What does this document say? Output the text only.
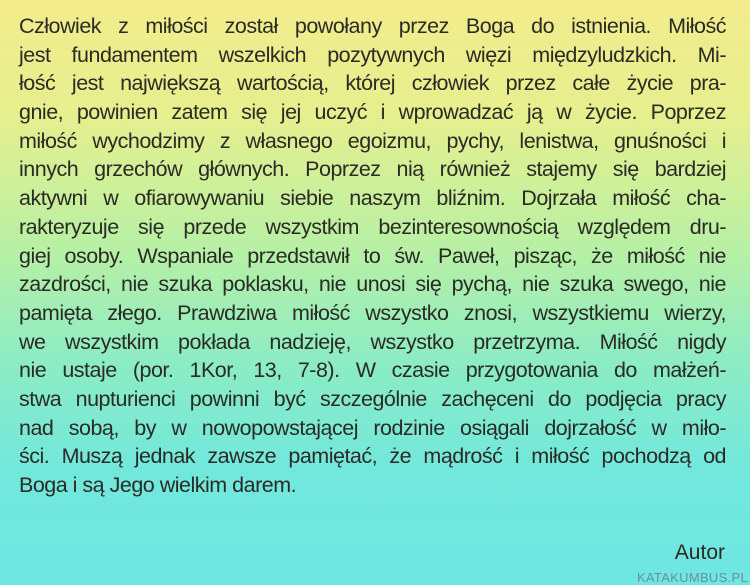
Człowiek z miłości został powołany przez Boga do istnienia. Miłość
jest fundamentem wszelkich pozytywnych więzi międzyludzkich. Mi-
łość jest największą wartością, której człowiek przez całe życie pra-
gnie, powinien zatem się jej uczyć i wprowadzać ją w życie. Poprzez
miłość wychodzimy z własnego egoizmu, pychy, lenistwa, gnuśności i
innych grzechów głównych. Poprzez nią również stajemy się bardziej
aktywni w ofiarowywaniu siebie naszym bliźnim. Dojrzała miłość cha-
rakteryzuje się przede wszystkim bezinteresownością względem dru-
giej osoby. Wspaniale przedstawił to św. Paweł, pisząc, że miłość nie
zazdrości, nie szuka poklasku, nie unosi się pychą, nie szuka swego, nie
pamięta złego. Prawdziwa miłość wszystko znosi, wszystkiemu wierzy,
we wszystkim pokłada nadzieję, wszystko przetrzyma. Miłość nigdy
nie ustaje (por. 1Kor, 13, 7-8). W czasie przygotowania do małżeń-
stwa nupturienci powinni być szczególnie zachęceni do podjęcia pracy
nad sobą, by w nowopowstającej rodzinie osiągali dojrzałość w miło-
ści. Muszą jednak zawsze pamiętać, że mądrość i miłość pochodzą od
Boga i są Jego wielkim darem.
Autor
KATAKUMBUS.PL
